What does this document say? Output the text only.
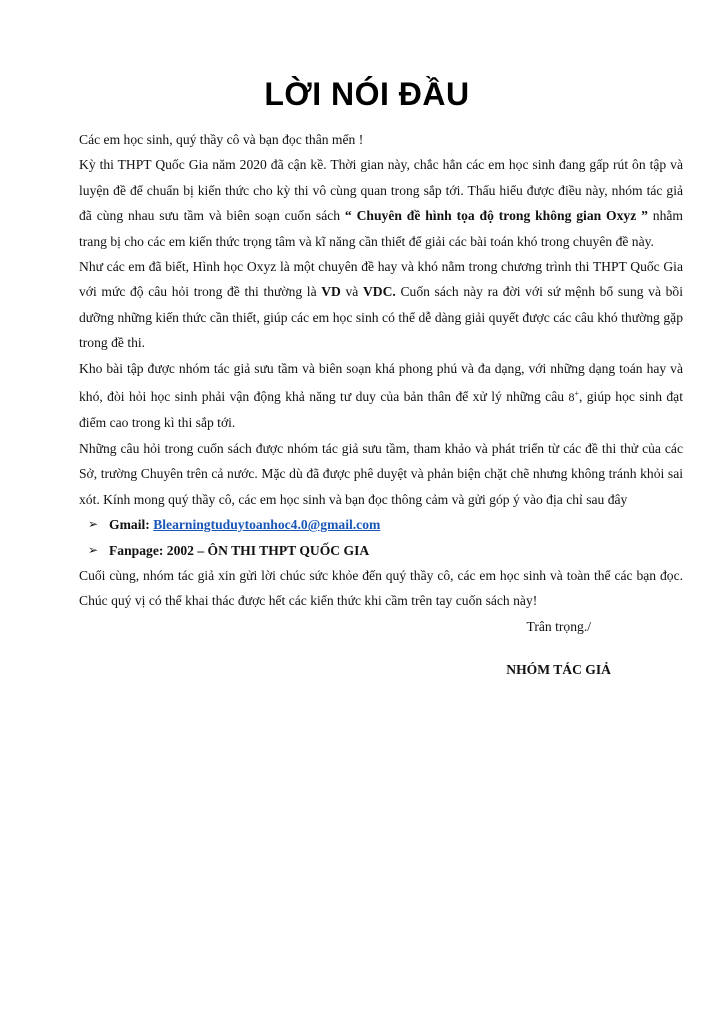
LỜI NÓI ĐẦU

Các em học sinh, quý thầy cô và bạn đọc thân mến !

Kỳ thi THPT Quốc Gia năm 2020 đã cận kề. Thời gian này, chắc hẳn các em học sinh đang gấp rút ôn tập và luyện đề để chuẩn bị kiến thức cho kỳ thi vô cùng quan trong sắp tới. Thấu hiểu được điều này, nhóm tác giả đã cùng nhau sưu tầm và biên soạn cuốn sách “ Chuyên đề hình tọa độ trong không gian Oxyz ” nhằm trang bị cho các em kiến thức trọng tâm và kĩ năng cần thiết để giải các bài toán khó trong chuyên đề này.

Như các em đã biết, Hình học Oxyz là một chuyên đề hay và khó nằm trong chương trình thi THPT Quốc Gia với mức độ câu hỏi trong đề thi thường là VD và VDC. Cuốn sách này ra đời với sứ mệnh bổ sung và bồi dưỡng những kiến thức cần thiết, giúp các em học sinh có thể dễ dàng giải quyết được các câu khó thường gặp trong đề thi.

Kho bài tập được nhóm tác giả sưu tầm và biên soạn khá phong phú và đa dạng, với những dạng toán hay và khó, đòi hỏi học sinh phải vận động khả năng tư duy của bản thân để xử lý những câu 8+, giúp học sinh đạt điểm cao trong kì thi sắp tới.

Những câu hỏi trong cuốn sách được nhóm tác giả sưu tầm, tham khảo và phát triển từ các đề thi thử của các Sở, trường Chuyên trên cả nước. Mặc dù đã được phê duyệt và phản biện chặt chẽ nhưng không tránh khỏi sai xót. Kính mong quý thầy cô, các em học sinh và bạn đọc thông cảm và gửi góp ý vào địa chỉ sau đây

➢ Gmail: Blearningtuduytoanhoc4.0@gmail.com
➢ Fanpage: 2002 – ÔN THI THPT QUỐC GIA

Cuối cùng, nhóm tác giả xin gửi lời chúc sức khỏe đến quý thầy cô, các em học sinh và toàn thể các bạn đọc. Chúc quý vị có thể khai thác được hết các kiến thức khi cầm trên tay cuốn sách này!

Trân trọng./

NHÓM TÁC GIẢ
